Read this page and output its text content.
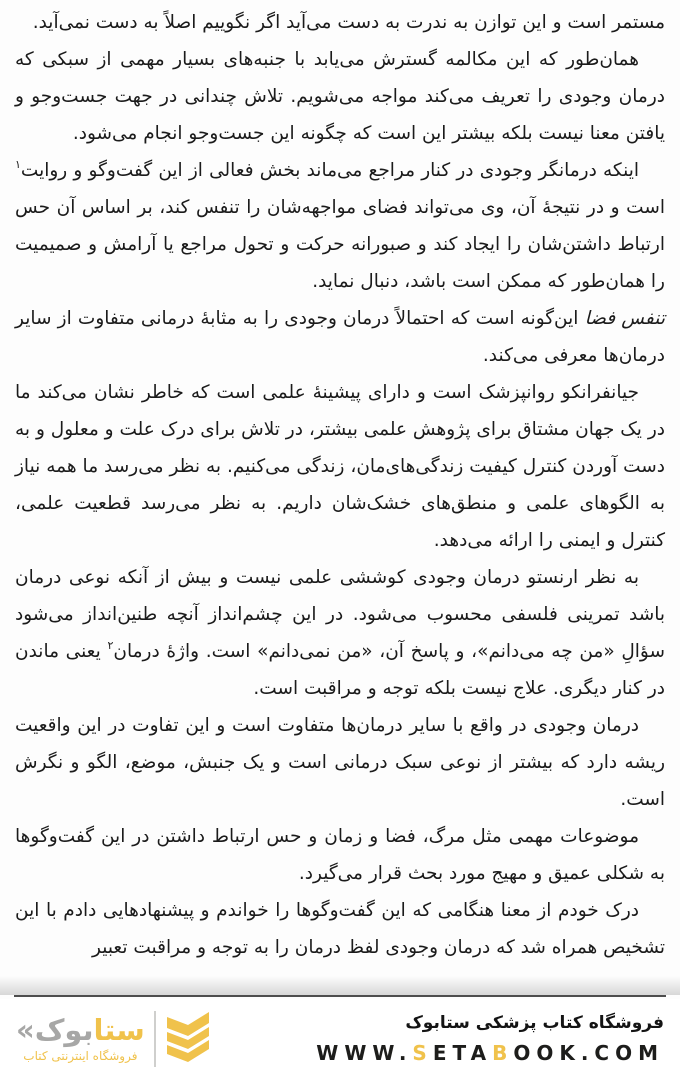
مستمر است و این توازن به ندرت به دست می‌آید اگر نگوییم اصلاً به دست نمی‌آید.

همان‌طور که این مکالمه گسترش می‌یابد با جنبه‌های بسیار مهمی از سبکی که درمان وجودی را تعریف می‌کند مواجه می‌شویم. تلاش چندانی در جهت جست‌وجو و یافتن معنا نیست بلکه بیشتر این است که چگونه این جست‌وجو انجام می‌شود.

اینکه درمانگر وجودی در کنار مراجع می‌ماند بخش فعالی از این گفت‌وگو و روایت$^۱$ است و در نتیجهٔ آن، وی می‌تواند فضای مواجهه‌شان را تنفس کند، بر اساس آن حس ارتباط داشتن‌شان را ایجاد کند و صبورانه حرکت و تحول مراجع یا آرامش و صمیمیت را همان‌طور که ممکن است باشد، دنبال نماید.

تنفس فضا این‌گونه است که احتمالاً درمان وجودی را به مثابهٔ درمانی متفاوت از سایر درمان‌ها معرفی می‌کند.

جیانفرانکو روانپزشک است و دارای پیشینهٔ علمی است که خاطر نشان می‌کند ما در یک جهان مشتاق برای پژوهش علمی بیشتر، در تلاش برای درک علت و معلول و به دست آوردن کنترل کیفیت زندگی‌های‌مان، زندگی می‌کنیم. به نظر می‌رسد ما همه نیاز به الگوهای علمی و منطق‌های خشک‌شان داریم. به نظر می‌رسد قطعیت علمی، کنترل و ایمنی را ارائه می‌دهد.

به نظر ارنستو درمان وجودی کوششی علمی نیست و بیش از آنکه نوعی درمان باشد تمرینی فلسفی محسوب می‌شود. در این چشم‌انداز آنچه طنین‌انداز می‌شود سؤالِ «من چه می‌دانم»، و پاسخ آن، «من نمی‌دانم» است. واژهٔ درمان$^۲$ یعنی ماندن در کنار دیگری. علاج نیست بلکه توجه و مراقبت است.

درمان وجودی در واقع با سایر درمان‌ها متفاوت است و این تفاوت در این واقعیت ریشه دارد که بیشتر از نوعی سبک درمانی است و یک جنبش، موضع، الگو و نگرش است.

موضوعات مهمی مثل مرگ، فضا و زمان و حس ارتباط داشتن در این گفت‌وگوها به شکلی عمیق و مهیج مورد بحث قرار می‌گیرد.

درک خودم از معنا هنگامی که این گفت‌وگوها را خواندم و پیشنهادهایی دادم با این تشخیص همراه شد که درمان وجودی لفظ درمان را به توجه و مراقبت تعبیر

ستابوک«
فروشگاه اینترنتی کتاب
فروشگاه کتاب پزشکی ستابوک
WWW.SETABOOK.COM
